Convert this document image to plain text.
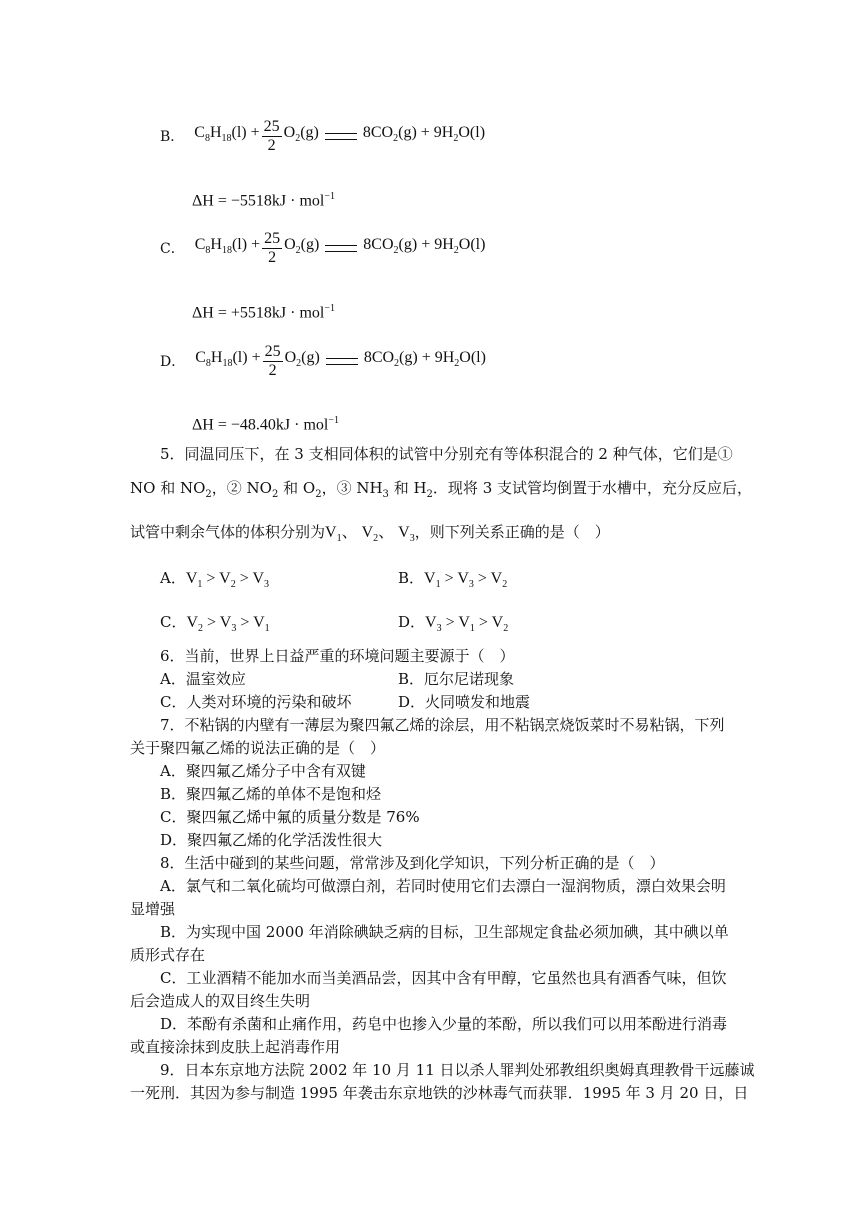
B． $C_8H_{18}(l) + \frac{25}{2} O_2(g)$	$8CO_2(g) + 9H_2O(l)$
ΔH = −5518kJ · mol$^{-1}$
C． $C_8H_{18}(l) + \frac{25}{2} O_2(g)$	$8CO_2(g) + 9H_2O(l)$
ΔH = +5518kJ · mol$^{-1}$
D． $C_8H_{18}(l) + \frac{25}{2} O_2(g)$	$8CO_2(g) + 9H_2O(l)$
ΔH = −48.40kJ · mol$^{-1}$
5．同温同压下，在 3 支相同体积的试管中分别充有等体积混合的 2 种气体，它们是①
NO 和 $NO_2$，② $NO_2$ 和 $O_2$，③ $NH_3$ 和 $H_2$．现将 3 支试管均倒置于水槽中，充分反应后，
试管中剩余气体的体积分别为$V_1$、 $V_2$、 $V_3$，则下列关系正确的是（　）
A．$V_1 > V_2 > V_3$	B．$V_1 > V_3 > V_2$
C．$V_2 > V_3 > V_1$	D．$V_3 > V_1 > V_2$
6．当前，世界上日益严重的环境问题主要源于（　）
A．温室效应	B．厄尔尼诺现象
C．人类对环境的污染和破坏	D．火同喷发和地震
7．不粘锅的内壁有一薄层为聚四氟乙烯的涂层，用不粘锅烹烧饭菜时不易粘锅，下列
关于聚四氟乙烯的说法正确的是（　）
A．聚四氟乙烯分子中含有双键
B．聚四氟乙烯的单体不是饱和烃
C．聚四氟乙烯中氟的质量分数是 76%
D．聚四氟乙烯的化学活泼性很大
8．生活中碰到的某些问题，常常涉及到化学知识，下列分析正确的是（　）
A．氯气和二氧化硫均可做漂白剂，若同时使用它们去漂白一湿润物质，漂白效果会明
显增强
B．为实现中国 2000 年消除碘缺乏病的目标，卫生部规定食盐必须加碘，其中碘以单
质形式存在
C．工业酒精不能加水而当美酒品尝，因其中含有甲醇，它虽然也具有酒香气味，但饮
后会造成人的双目终生失明
D．苯酚有杀菌和止痛作用，药皂中也掺入少量的苯酚，所以我们可以用苯酚进行消毒
或直接涂抹到皮肤上起消毒作用
9．日本东京地方法院 2002 年 10 月 11 日以杀人罪判处邪教组织奥姆真理教骨干远藤诚
一死刑．其因为参与制造 1995 年袭击东京地铁的沙林毒气而获罪．1995 年 3 月 20 日，日
